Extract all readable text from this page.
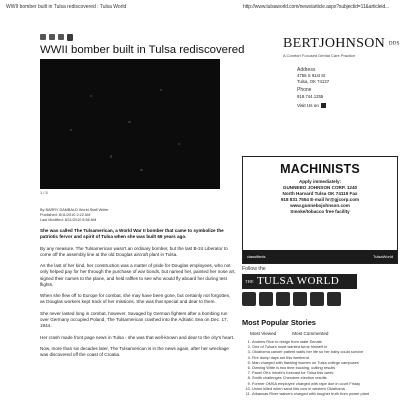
WWII bomber built in Tulsa rediscovered : Tulsa World	http://www.tulsaworld.com/news/article.aspx?subjectid=11&articleid...
WWII bomber built in Tulsa rediscovered
1 / 5
By BARRY DAMBALD World Staff Writer
Published: 8/11/2010 2:22 AM
Last Modified: 8/11/2010 8:56 AM

She was called The Tulsamerican, a World War II bomber that came to symbolize the patriotic fervor and spirit of Tulsa when she was built 66 years ago.

By any measure, The Tulsamerican wasn't an ordinary bomber, but the last B-24 Liberator to come off the assembly line at the old Douglas aircraft plant in Tulsa.

As the last of her kind, her construction was a matter of pride for Douglas employees, who not only helped pay for her through the purchase of war bonds, but named her, painted her nose art, signed their names to the plane, and held raffles to see who would fly aboard her during test flights.

When she flew off to Europe for combat, she may have been gone, but certainly not forgotten, as Douglas workers kept track of her missions. She was that special and dear to them.

She never lasted long in combat, however. Savaged by German fighters after a bombing run over Germany occupied Poland, The Tulsamerican crashed into the Adriatic Sea on Dec. 17, 1944.

Her crash made front page news in Tulsa - she was that well-known and dear to the city's heart.

Now, more than six decades later, The Tulsamerican is in the news again, after her wreckage was discovered off the coast of Croatia.

BERTJOHNSON DDS
A Comfort Focused Dental Care Practice
Address
4755 S 91st St
Tulsa, OK 74137
Phone
918.744.1255
Visit Us on
MACHINISTS
Apply immediately:
GUNNEBO JOHNSON CORP. 1240
North Harvard Tulsa OK 74115 Fax
918 831 7554 E-mail hr@gjcorp.com
www.gunnebojohnson.com
Smoke/tobacco free facility
classifieds	TulsaWorld
Follow the
$^{THE}$ TULSA WORLD
Most Popular Stories
Most Viewed	Most Commented
1. Andrew Rice to resign from state Senate
2. One of Tulsa's most wanted turns himself in
3. Oklahoma cancer patient waits her life so her baby could survive
4. Fire dump days set this weekend
5. Man charged with flashing women on Tulsa college campuses
6. Owning Witte is two time bucking, cutting results
7. Panel OKs Inhofe's forecast for Tulsa this week
8. Smith challenges Cherokee election results
9. Former OMSA employee charged with rape due in court Friday
10. Union killed when sand hits cow in western Oklahoma
11. Arkansas River waivers charged with tougher truth from power plant
